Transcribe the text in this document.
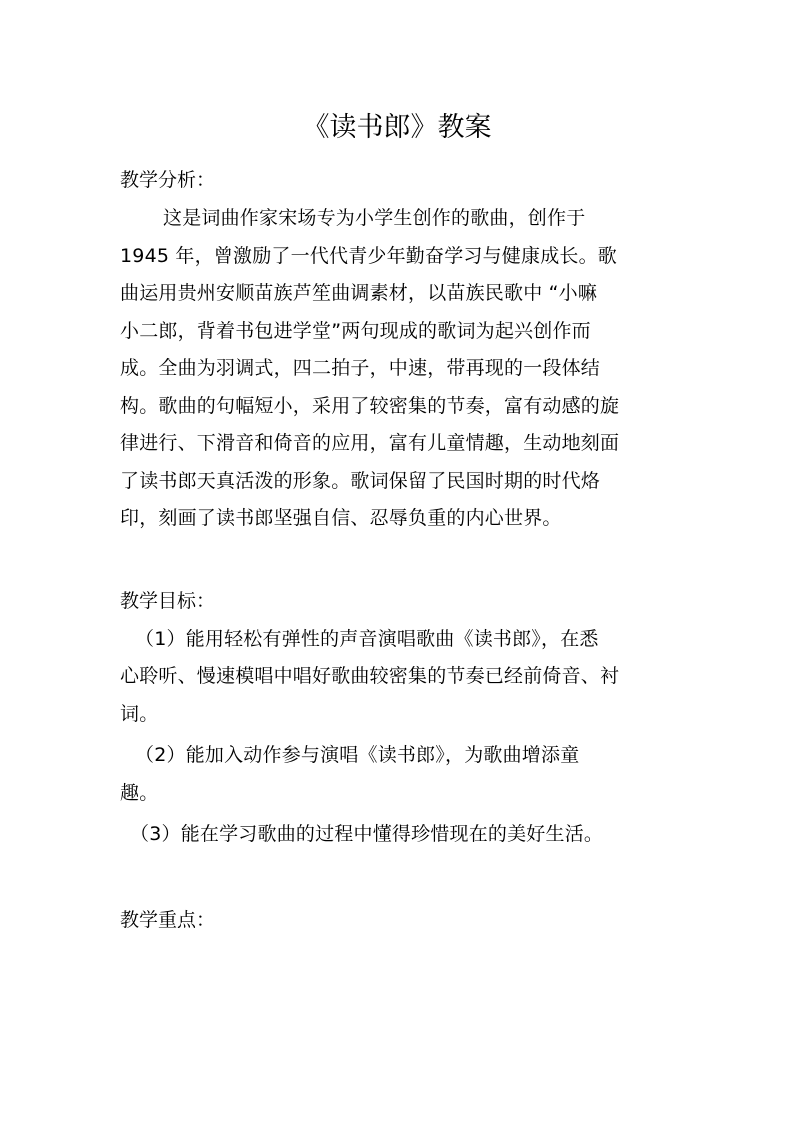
《读书郎》教案

教学分析：

这是词曲作家宋场专为小学生创作的歌曲，创作于
1945 年，曾激励了一代代青少年勤奋学习与健康成长。歌
曲运用贵州安顺苗族芦笙曲调素材，以苗族民歌中 “小嘛
小二郎，背着书包进学堂”两句现成的歌词为起兴创作而
成。全曲为羽调式，四二拍子，中速，带再现的一段体结
构。歌曲的句幅短小，采用了较密集的节奏，富有动感的旋
律进行、下滑音和倚音的应用，富有儿童情趣，生动地刻面
了读书郎天真活泼的形象。歌词保留了民国时期的时代烙
印，刻画了读书郎坚强自信、忍辱负重的内心世界。

教学目标：

（1）能用轻松有弹性的声音演唱歌曲《读书郎》，在悉
心聆听、慢速模唱中唱好歌曲较密集的节奏已经前倚音、衬
词。
（2）能加入动作参与演唱《读书郎》，为歌曲增添童
趣。
（3）能在学习歌曲的过程中懂得珍惜现在的美好生活。

教学重点：
